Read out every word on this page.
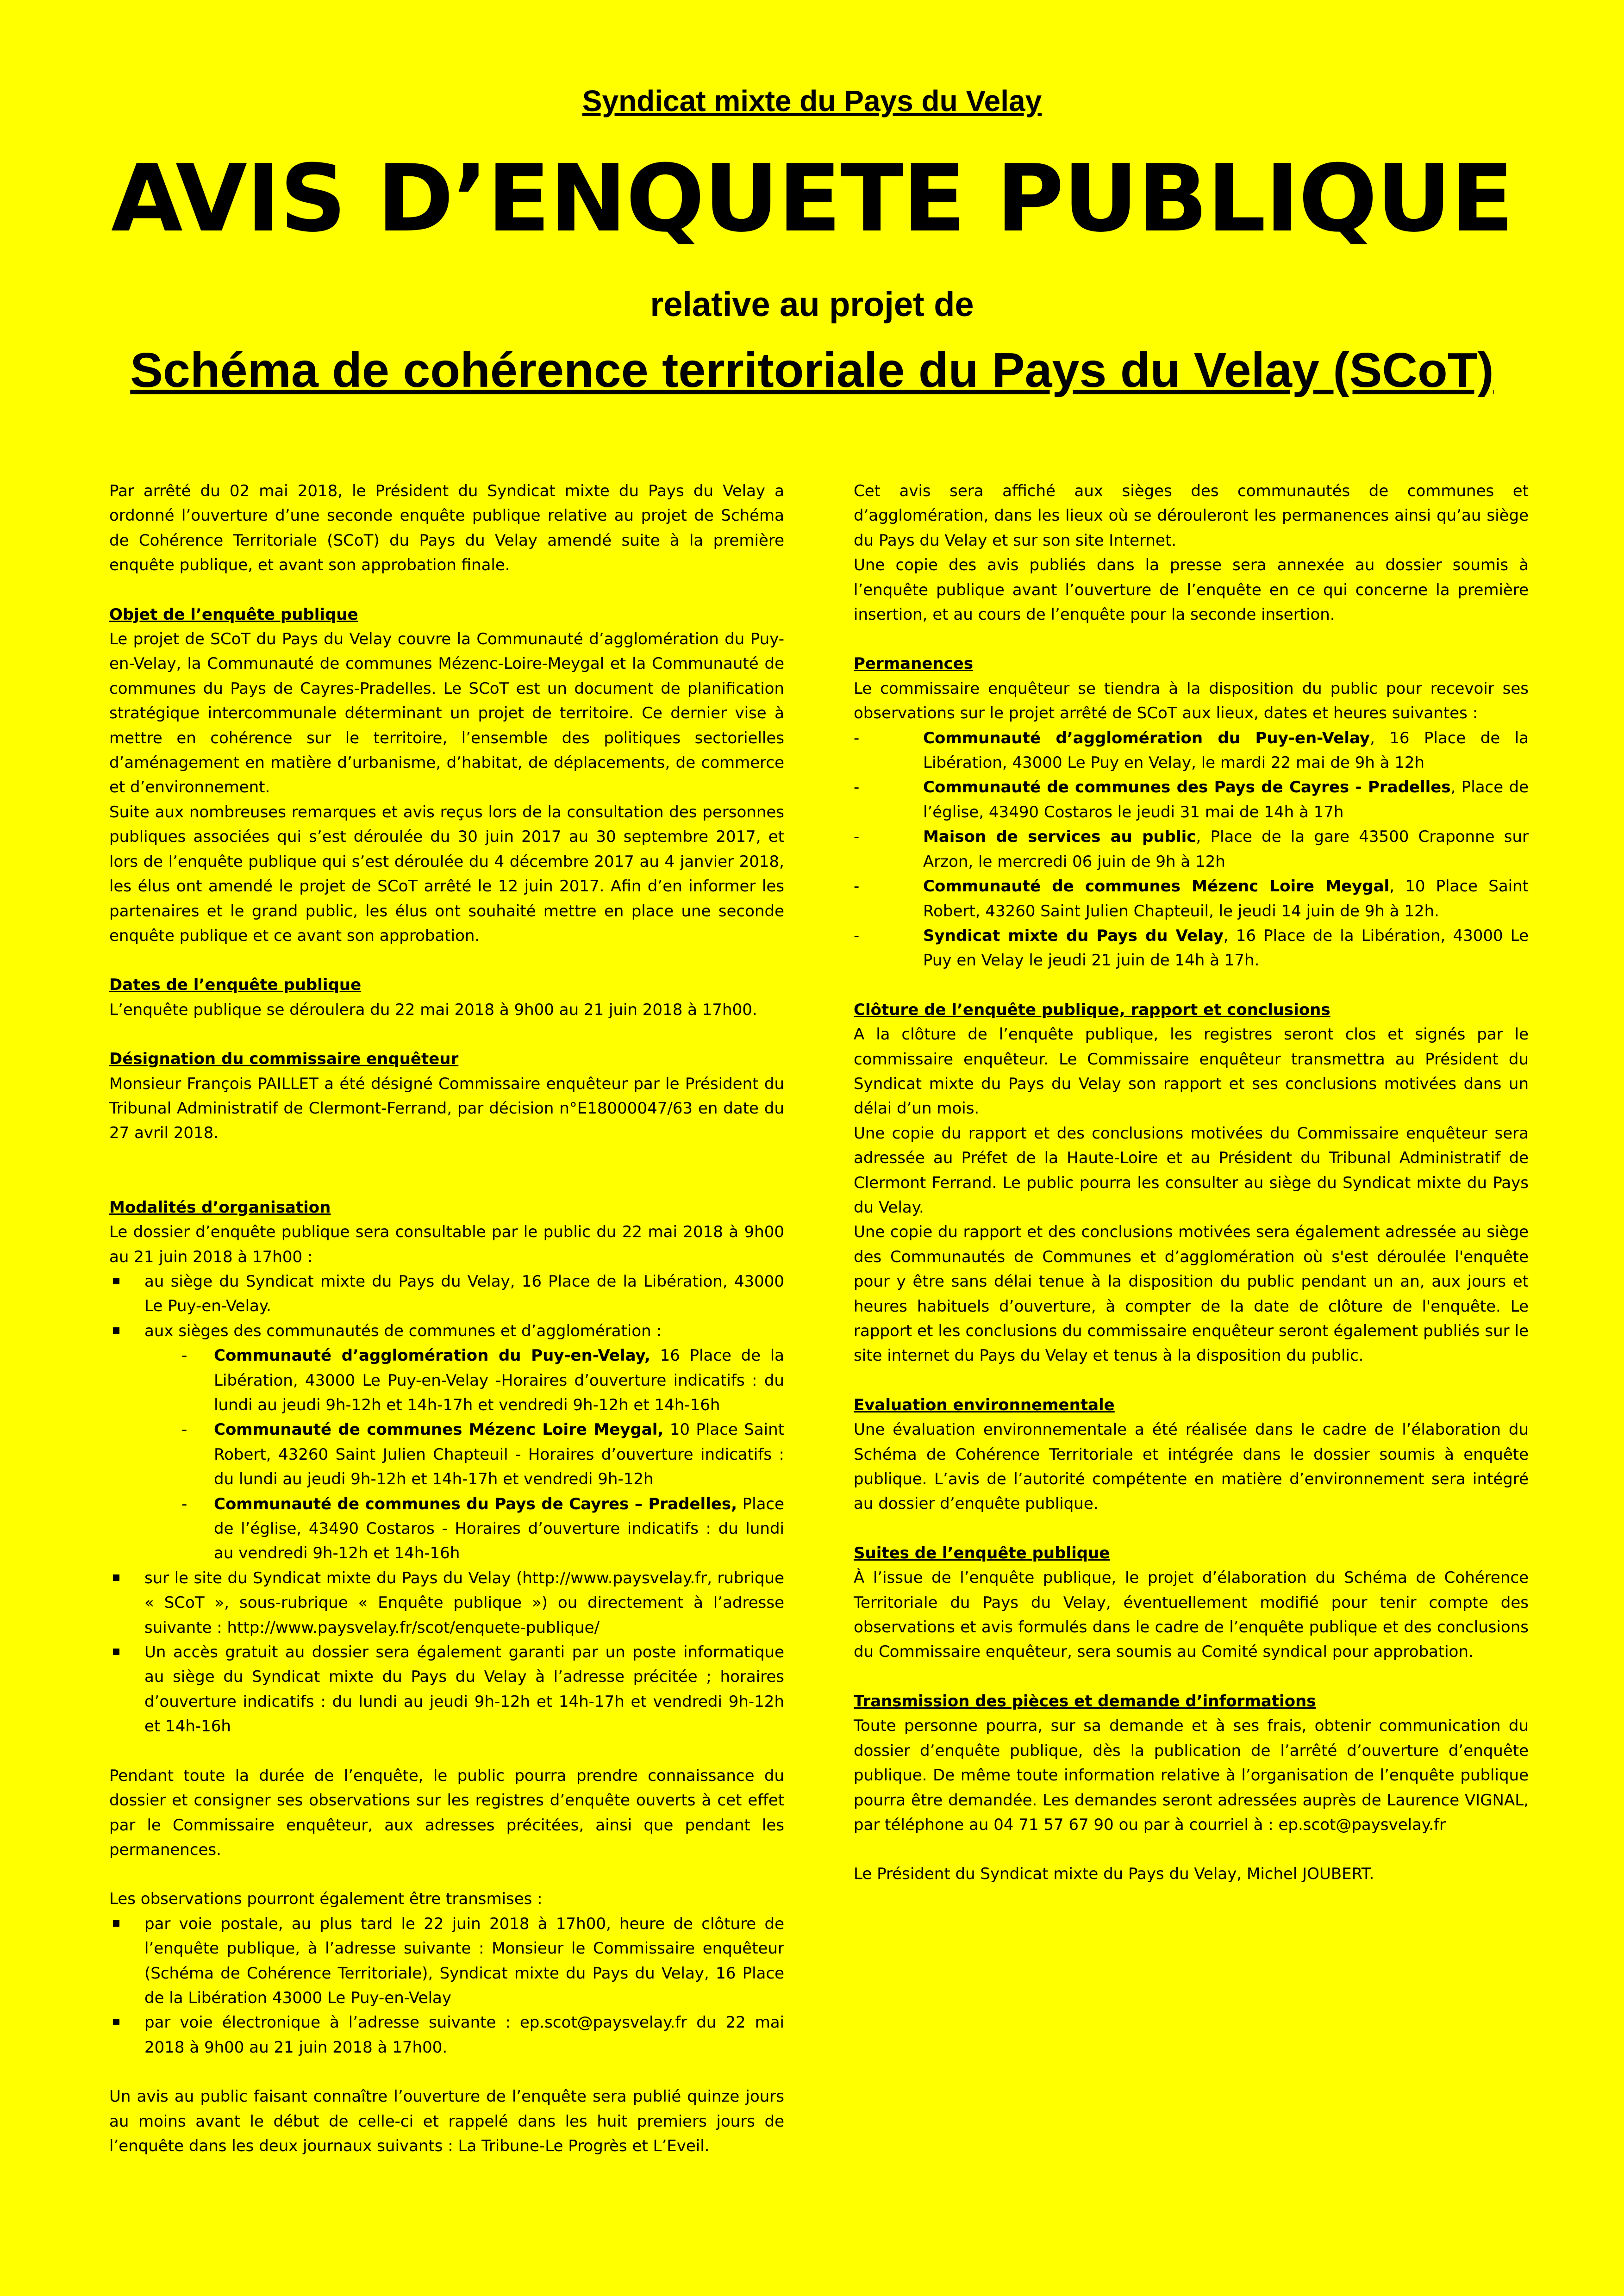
Syndicat mixte du Pays du Velay
AVIS D’ENQUETE PUBLIQUE
relative au projet de
Schéma de cohérence territoriale du Pays du Velay (SCoT)

Par arrêté du 02 mai 2018, le Président du Syndicat mixte du Pays du Velay a ordonné l’ouverture d’une seconde enquête publique relative au projet de Schéma de Cohérence Territoriale (SCoT) du Pays du Velay amendé suite à la première enquête publique, et avant son approbation finale.

Objet de l’enquête publique

Le projet de SCoT du Pays du Velay couvre la Communauté d’agglomération du Puy-en-Velay, la Communauté de communes Mézenc-Loire-Meygal et la Communauté de communes du Pays de Cayres-Pradelles. Le SCoT est un document de planification stratégique intercommunale déterminant un projet de territoire. Ce dernier vise à mettre en cohérence sur le territoire, l’ensemble des politiques sectorielles d’aménagement en matière d’urbanisme, d’habitat, de déplacements, de commerce et d’environnement.

Suite aux nombreuses remarques et avis reçus lors de la consultation des personnes publiques associées qui s’est déroulée du 30 juin 2017 au 30 septembre 2017, et lors de l’enquête publique qui s’est déroulée du 4 décembre 2017 au 4 janvier 2018, les élus ont amendé le projet de SCoT arrêté le 12 juin 2017. Afin d’en informer les partenaires et le grand public, les élus ont souhaité mettre en place une seconde enquête publique et ce avant son approbation.

Dates de l’enquête publique

L’enquête publique se déroulera du 22 mai 2018 à 9h00 au 21 juin 2018 à 17h00.

Désignation du commissaire enquêteur

Monsieur François PAILLET a été désigné Commissaire enquêteur par le Président du Tribunal Administratif de Clermont-Ferrand, par décision n°E18000047/63 en date du 27 avril 2018.

Modalités d’organisation

Le dossier d’enquête publique sera consultable par le public du 22 mai 2018 à 9h00 au 21 juin 2018 à 17h00 :

au siège du Syndicat mixte du Pays du Velay, 16 Place de la Libération, 43000 Le Puy-en-Velay.
aux sièges des communautés de communes et d’agglomération :
- Communauté d’agglomération du Puy-en-Velay, 16 Place de la Libération, 43000 Le Puy-en-Velay -Horaires d’ouverture indicatifs : du lundi au jeudi 9h-12h et 14h-17h et vendredi 9h-12h et 14h-16h
- Communauté de communes Mézenc Loire Meygal, 10 Place Saint Robert, 43260 Saint Julien Chapteuil - Horaires d’ouverture indicatifs : du lundi au jeudi 9h-12h et 14h-17h et vendredi 9h-12h
- Communauté de communes du Pays de Cayres – Pradelles, Place de l’église, 43490 Costaros - Horaires d’ouverture indicatifs : du lundi au vendredi 9h-12h et 14h-16h
sur le site du Syndicat mixte du Pays du Velay (http://www.paysvelay.fr, rubrique « SCoT », sous-rubrique « Enquête publique ») ou directement à l’adresse suivante : http://www.paysvelay.fr/scot/enquete-publique/
Un accès gratuit au dossier sera également garanti par un poste informatique au siège du Syndicat mixte du Pays du Velay à l’adresse précitée ; horaires d’ouverture indicatifs : du lundi au jeudi 9h-12h et 14h-17h et vendredi 9h-12h et 14h-16h

Pendant toute la durée de l’enquête, le public pourra prendre connaissance du dossier et consigner ses observations sur les registres d’enquête ouverts à cet effet par le Commissaire enquêteur, aux adresses précitées, ainsi que pendant les permanences.

Les observations pourront également être transmises :

par voie postale, au plus tard le 22 juin 2018 à 17h00, heure de clôture de l’enquête publique, à l’adresse suivante : Monsieur le Commissaire enquêteur (Schéma de Cohérence Territoriale), Syndicat mixte du Pays du Velay, 16 Place de la Libération 43000 Le Puy-en-Velay
par voie électronique à l’adresse suivante : ep.scot@paysvelay.fr du 22 mai 2018 à 9h00 au 21 juin 2018 à 17h00.

Un avis au public faisant connaître l’ouverture de l’enquête sera publié quinze jours au moins avant le début de celle-ci et rappelé dans les huit premiers jours de l’enquête dans les deux journaux suivants : La Tribune-Le Progrès et L’Eveil.

Cet avis sera affiché aux sièges des communautés de communes et d’agglomération, dans les lieux où se dérouleront les permanences ainsi qu’au siège du Pays du Velay et sur son site Internet.

Une copie des avis publiés dans la presse sera annexée au dossier soumis à l’enquête publique avant l’ouverture de l’enquête en ce qui concerne la première insertion, et au cours de l’enquête pour la seconde insertion.

Permanences

Le commissaire enquêteur se tiendra à la disposition du public pour recevoir ses observations sur le projet arrêté de SCoT aux lieux, dates et heures suivantes :

- Communauté d’agglomération du Puy-en-Velay, 16 Place de la Libération, 43000 Le Puy en Velay, le mardi 22 mai de 9h à 12h
- Communauté de communes des Pays de Cayres - Pradelles, Place de l’église, 43490 Costaros le jeudi 31 mai de 14h à 17h
- Maison de services au public, Place de la gare 43500 Craponne sur Arzon, le mercredi 06 juin de 9h à 12h
- Communauté de communes Mézenc Loire Meygal, 10 Place Saint Robert, 43260 Saint Julien Chapteuil, le jeudi 14 juin de 9h à 12h.
- Syndicat mixte du Pays du Velay, 16 Place de la Libération, 43000 Le Puy en Velay le jeudi 21 juin de 14h à 17h.

Clôture de l’enquête publique, rapport et conclusions

A la clôture de l’enquête publique, les registres seront clos et signés par le commissaire enquêteur. Le Commissaire enquêteur transmettra au Président du Syndicat mixte du Pays du Velay son rapport et ses conclusions motivées dans un délai d’un mois.

Une copie du rapport et des conclusions motivées du Commissaire enquêteur sera adressée au Préfet de la Haute-Loire et au Président du Tribunal Administratif de Clermont Ferrand. Le public pourra les consulter au siège du Syndicat mixte du Pays du Velay.

Une copie du rapport et des conclusions motivées sera également adressée au siège des Communautés de Communes et d’agglomération où s'est déroulée l'enquête pour y être sans délai tenue à la disposition du public pendant un an, aux jours et heures habituels d’ouverture, à compter de la date de clôture de l'enquête. Le rapport et les conclusions du commissaire enquêteur seront également publiés sur le site internet du Pays du Velay et tenus à la disposition du public.

Evaluation environnementale

Une évaluation environnementale a été réalisée dans le cadre de l’élaboration du Schéma de Cohérence Territoriale et intégrée dans le dossier soumis à enquête publique. L’avis de l’autorité compétente en matière d’environnement sera intégré au dossier d’enquête publique.

Suites de l’enquête publique

À l’issue de l’enquête publique, le projet d’élaboration du Schéma de Cohérence Territoriale du Pays du Velay, éventuellement modifié pour tenir compte des observations et avis formulés dans le cadre de l’enquête publique et des conclusions du Commissaire enquêteur, sera soumis au Comité syndical pour approbation.

Transmission des pièces et demande d’informations

Toute personne pourra, sur sa demande et à ses frais, obtenir communication du dossier d’enquête publique, dès la publication de l’arrêté d’ouverture d’enquête publique. De même toute information relative à l’organisation de l’enquête publique pourra être demandée. Les demandes seront adressées auprès de Laurence VIGNAL, par téléphone au 04 71 57 67 90 ou par à courriel à : ep.scot@paysvelay.fr

Le Président du Syndicat mixte du Pays du Velay, Michel JOUBERT.
